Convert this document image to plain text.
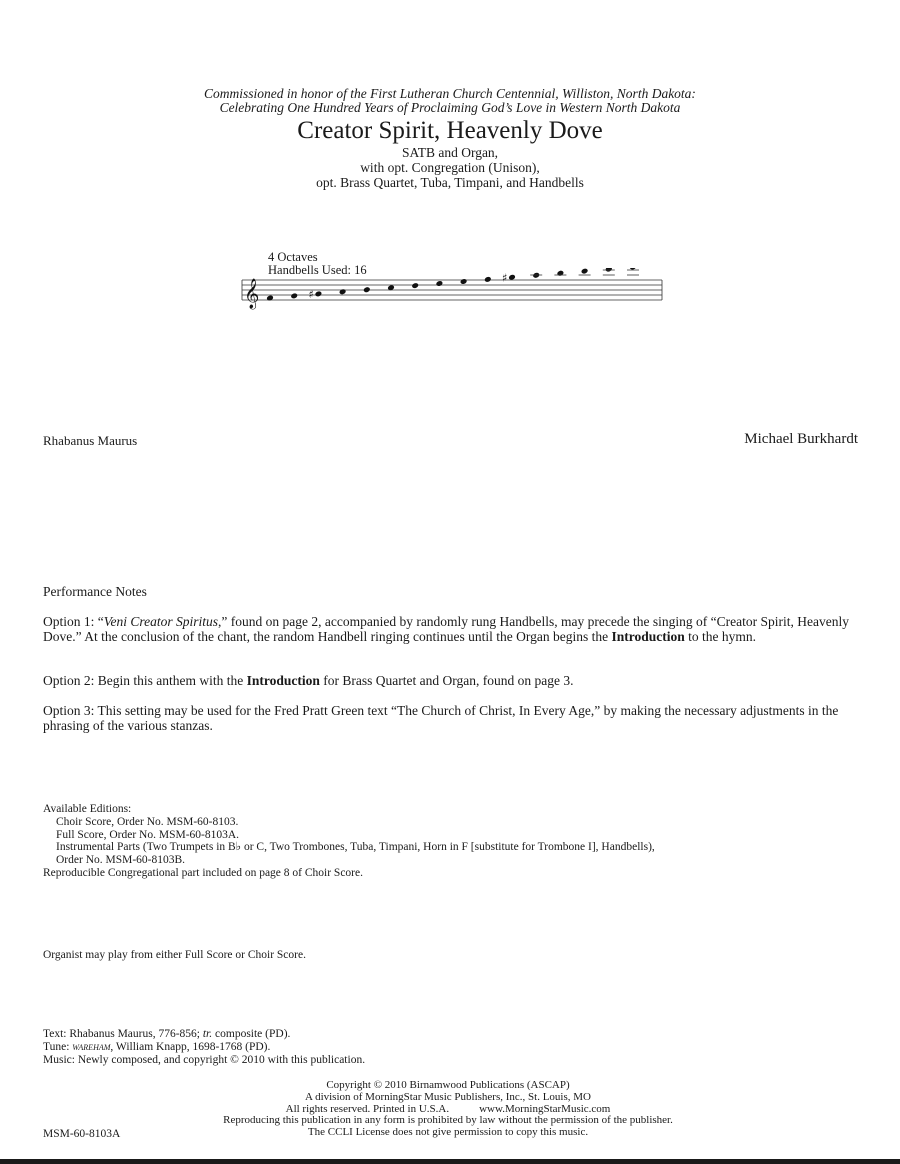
Commissioned in honor of the First Lutheran Church Centennial, Williston, North Dakota:
Celebrating One Hundred Years of Proclaiming God’s Love in Western North Dakota
Creator Spirit, Heavenly Dove
SATB and Organ,
with opt. Congregation (Unison),
opt. Brass Quartet, Tuba, Timpani, and Handbells
4 Octaves
Handbells Used: 16
𝄞	♯
♯
Rhabanus Maurus	Michael Burkhardt
Performance Notes
Option 1: “Veni Creator Spiritus,” found on page 2, accompanied by randomly rung Handbells, may precede the singing of “Creator Spirit, Heavenly Dove.” At the conclusion of the chant, the random Handbell ringing continues until the Organ begins the Introduction to the hymn.
Option 2: Begin this anthem with the Introduction for Brass Quartet and Organ, found on page 3.
Option 3: This setting may be used for the Fred Pratt Green text “The Church of Christ, In Every Age,” by making the necessary adjustments in the phrasing of the various stanzas.
Available Editions:
Choir Score, Order No. MSM-60-8103.
Full Score, Order No. MSM-60-8103A.
Instrumental Parts (Two Trumpets in B♭ or C, Two Trombones, Tuba, Timpani, Horn in F [substitute for Trombone I], Handbells),
Order No. MSM-60-8103B.
Reproducible Congregational part included on page 8 of Choir Score.
Organist may play from either Full Score or Choir Score.
Text: Rhabanus Maurus, 776-856; tr. composite (PD).
Tune: wareham, William Knapp, 1698-1768 (PD).
Music: Newly composed, and copyright © 2010 with this publication.
Copyright © 2010 Birnamwood Publications (ASCAP)
A division of MorningStar Music Publishers, Inc., St. Louis, MO
All rights reserved. Printed in U.S.A.	www.MorningStarMusic.com
Reproducing this publication in any form is prohibited by law without the permission of the publisher.
The CCLI License does not give permission to copy this music.
MSM-60-8103A
